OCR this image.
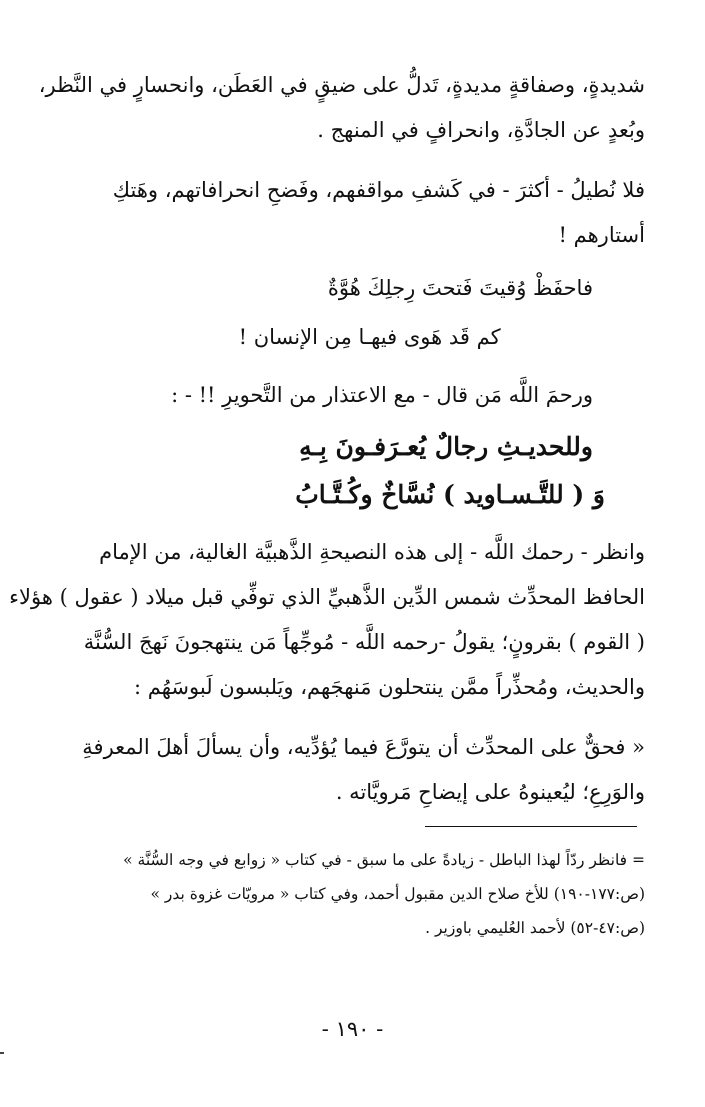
شديدةٍ، وصفاقةٍ مديدةٍ، تَدلُّ على ضيقٍ في العَطَن، وانحسارٍ في النَّظر،
وبُعدٍ عن الجادَّةِ، وانحرافٍ في المنهج .
فلا نُطيلُ - أكثرَ - في كَشفِ مواقفهم، وفَضحِ انحرافاتهم، وهَتكِ
أستارهم !
فاحفَظْ وُقيتَ فَتحتَ رِجلِكَ هُوَّةٌ
كم قَد هَوى فيهـا مِن الإنسان !
ورحمَ اللَّه مَن قال - مع الاعتذار من التَّحويرِ !! - :
وللحديـثِ رجالٌ يُعـرَفـونَ بِـهِ
وَ ( للتَّـسـاويد ) نُسَّاخٌ وكُـتَّـابُ
وانظر - رحمك اللَّه - إلى هذه النصيحةِ الذَّهبيَّة الغالية، من الإمام
الحافظ المحدِّث شمس الدِّين الذَّهبيِّ الذي توفِّي قبل ميلاد ( عقول ) هؤلاء
( القوم ) بقرونٍ؛ يقولُ -رحمه اللَّه - مُوجِّهاً مَن ينتهجونَ نَهجَ السُّنَّة
والحديث، ومُحذِّراً ممَّن ينتحلون مَنهجَهم، ويَلبسون لَبوسَهُم :
« فحقٌّ على المحدِّث أن يتورَّعَ فيما يُؤدِّيه، وأن يسألَ أهلَ المعرفةِ
والوَرِعِ؛ ليُعينوهُ على إيضاحِ مَرويَّاته .
= فانظر ردّاً لهذا الباطل - زيادةً على ما سبق - في كتاب « زوابع في وجه السُّنَّة »
(ص:١٧٧-١٩٠) للأخ صلاح الدين مقبول أحمد، وفي كتاب « مرويّات غزوة بدر »
(ص:٤٧-٥٢) لأحمد العُليمي باوزير .
- ١٩٠ -
